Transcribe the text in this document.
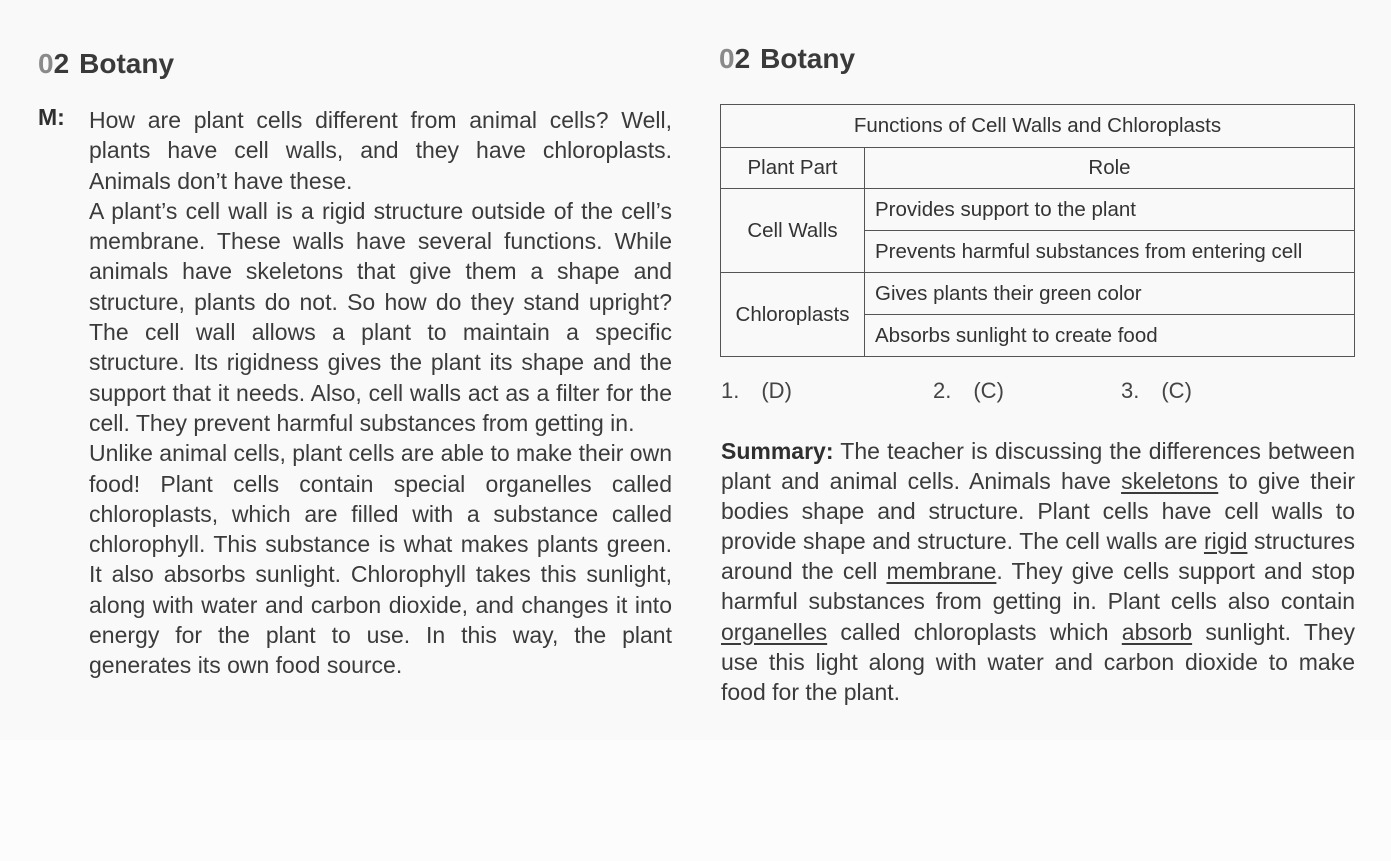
02 Botany
M: How are plant cells different from animal cells? Well, plants have cell walls, and they have chloroplasts. Animals don’t have these.

A plant’s cell wall is a rigid structure outside of the cell’s membrane. These walls have several functions. While animals have skeletons that give them a shape and structure, plants do not. So how do they stand upright? The cell wall allows a plant to maintain a specific structure. Its rigidness gives the plant its shape and the support that it needs. Also, cell walls act as a filter for the cell. They prevent harmful substances from getting in.

Unlike animal cells, plant cells are able to make their own food! Plant cells contain special organelles called chloroplasts, which are filled with a substance called chlorophyll. This substance is what makes plants green. It also absorbs sunlight. Chlorophyll takes this sunlight, along with water and carbon dioxide, and changes it into energy for the plant to use. In this way, the plant generates its own food source.

02 Botany
Functions of Cell Walls and Chloroplasts	
Plant Part	Role
Cell Walls	Provides support to the plant
	Prevents harmful substances from entering cell
Chloroplasts	Gives plants their green color
	Absorbs sunlight to create food
1. (D)	2. (C)	3. (C)
Summary: The teacher is discussing the differences between plant and animal cells. Animals have skeletons to give their bodies shape and structure. Plant cells have cell walls to provide shape and structure. The cell walls are rigid structures around the cell membrane. They give cells support and stop harmful substances from getting in. Plant cells also contain organelles called chloroplasts which absorb sunlight. They use this light along with water and carbon dioxide to make food for the plant.
